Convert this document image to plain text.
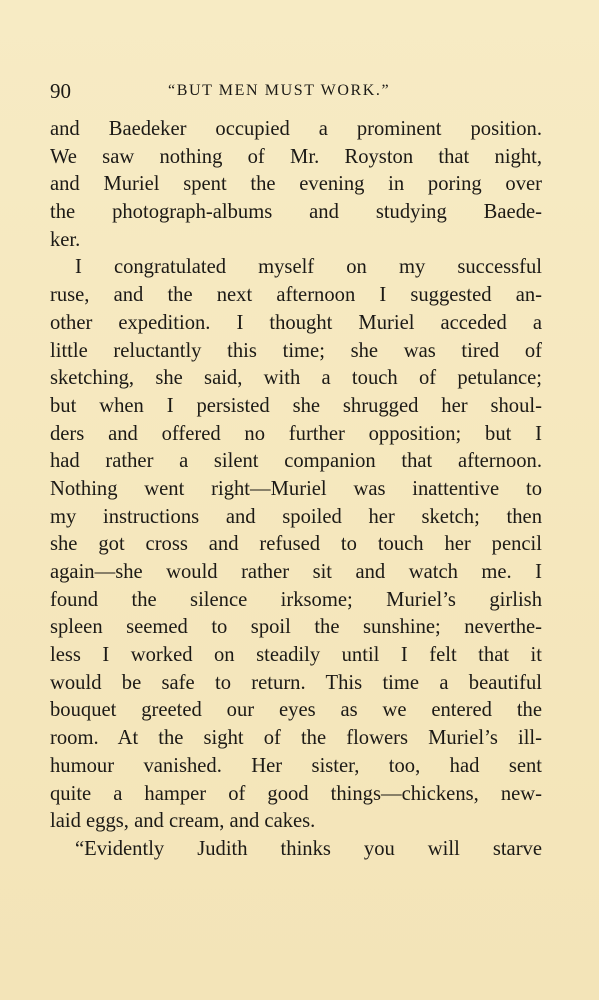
90	“BUT MEN MUST WORK.”
and Baedeker occupied a prominent position.
We saw nothing of Mr. Royston that night,
and Muriel spent the evening in poring over
the photograph-albums and studying Baede-
ker.
I congratulated myself on my successful
ruse, and the next afternoon I suggested an-
other expedition. I thought Muriel acceded a
little reluctantly this time; she was tired of
sketching, she said, with a touch of petulance;
but when I persisted she shrugged her shoul-
ders and offered no further opposition; but I
had rather a silent companion that afternoon.
Nothing went right—Muriel was inattentive to
my instructions and spoiled her sketch; then
she got cross and refused to touch her pencil
again—she would rather sit and watch me. I
found the silence irksome; Muriel’s girlish
spleen seemed to spoil the sunshine; neverthe-
less I worked on steadily until I felt that it
would be safe to return. This time a beautiful
bouquet greeted our eyes as we entered the
room. At the sight of the flowers Muriel’s ill-
humour vanished. Her sister, too, had sent
quite a hamper of good things—chickens, new-
laid eggs, and cream, and cakes.
“Evidently Judith thinks you will starve
